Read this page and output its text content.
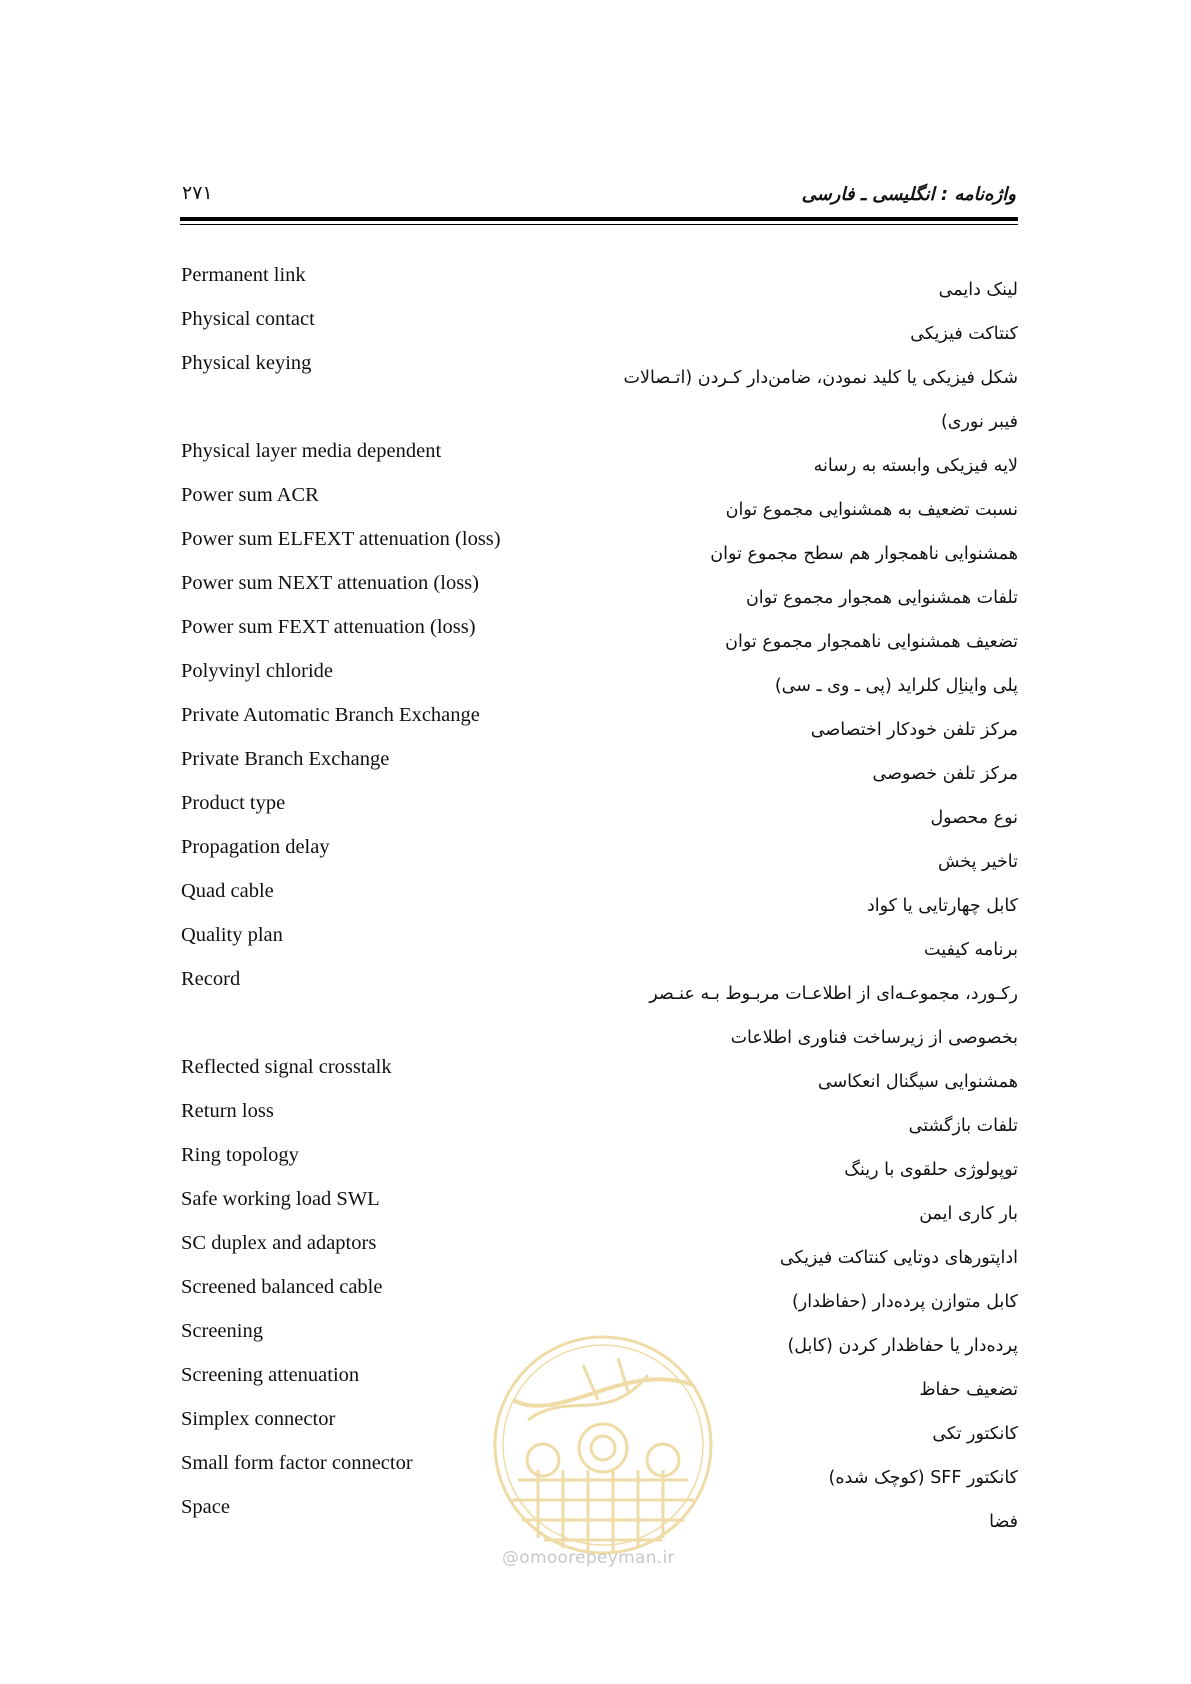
۲۷۱	واژه‌نامه : انگلیسی ـ فارسی
Permanent link
لینک دایمی
Physical contact
کنتاکت فیزیکی
Physical keying
شکل فیزیکی یا کلید نمودن، ضامن‌دار کـردن (اتـصالات فیبر نوری)
Physical layer media dependent
لایه فیزیکی وابسته به رسانه
Power sum ACR
نسبت تضعیف به همشنوایی مجموع توان
Power sum ELFEXT attenuation (loss)
همشنوایی ناهمجوار هم سطح مجموع توان
Power sum NEXT attenuation (loss)
تلفات همشنوایی همجوار مجموع توان
Power sum FEXT attenuation (loss)
تضعیف همشنوایی ناهمجوار مجموع توان
Polyvinyl chloride
پلی وایناِل کلراید (پی ـ وی ـ سی)
Private Automatic Branch Exchange
مرکز تلفن خودکار اختصاصی
Private Branch Exchange
مرکز تلفن خصوصی
Product type
نوع محصول
Propagation delay
تاخیر پخش
Quad cable
کابل چهارتایی یا کواد
Quality plan
برنامه کیفیت
Record
رکـورد، مجموعـه‌ای از اطلاعـات مربـوط بـه عنـصر بخصوصی از زیرساخت فناوری اطلاعات
Reflected signal crosstalk
همشنوایی سیگنال انعکاسی
Return loss
تلفات بازگشتی
Ring topology
توپولوژی حلقوی با رینگ
Safe working load SWL
بار کاری ایمن
SC duplex and adaptors
اداپتورهای دوتایی کنتاکت فیزیکی
Screened balanced cable
کابل متوازن پرده‌دار (حفاظدار)
Screening
پرده‌دار یا حفاظدار کردن (کابل)
Screening attenuation
تضعیف حفاظ
Simplex connector
کانکتور تکی
Small form factor connector
کانکتور SFF (کوچک شده)
Space
فضا
@omoorepeyman.ir
